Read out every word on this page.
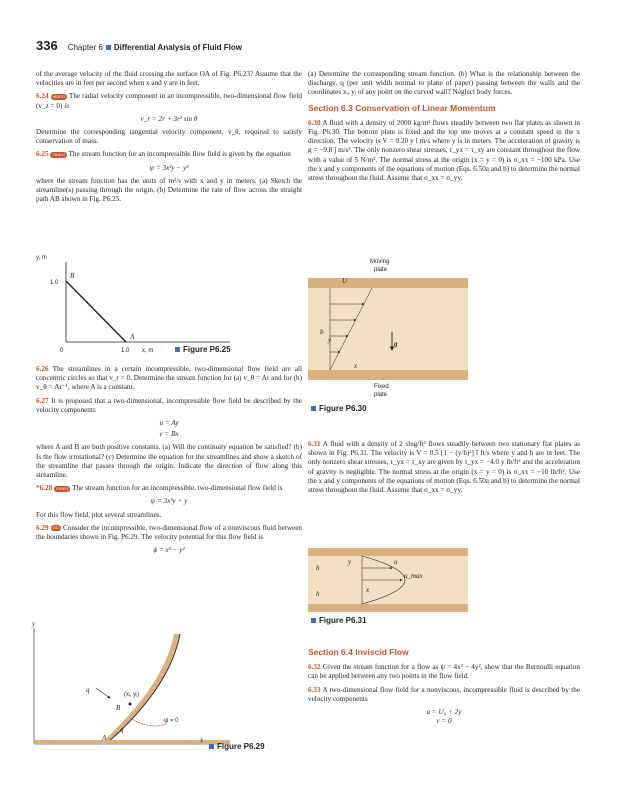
336 Chapter 6 Differential Analysis of Fluid Flow

of the average velocity of the fluid crossing the surface OA of Fig. P6.23? Assume that the velocities are in feet per second when x and y are in feet.

6.24 VIDEO The radial velocity component in an incompressible, two-dimensional flow field (v_z = 0) is

v_r = 2r + 3r² sin θ

Determine the corresponding tangential velocity component, v_θ, required to satisfy conservation of mass.

6.25 VIDEO The stream function for an incompressible flow field is given by the equation

ψ = 3x²y − y³

where the stream function has the units of m²/s with x and y in meters. (a) Sketch the streamline(s) passing through the origin. (b) Determine the rate of flow across the straight path AB shown in Fig. P6.25.

y, m
1.0
B
A
0	1.0 x, m	Figure P6.25

6.26 The streamlines in a certain incompressible, two-dimensional flow field are all concentric circles so that v_r = 0. Determine the stream function for (a) v_θ = Ar and for (b) v_θ = Ar⁻¹, where A is a constant.

6.27 It is proposed that a two-dimensional, incompressible flow field be described by the velocity components

u = Ay
v = Bx

where A and B are both positive constants. (a) Will the continuity equation be satisfied? (b) Is the flow irrotational? (c) Determine the equation for the streamlines and show a sketch of the streamline that passes through the origin. Indicate the direction of flow along this streamline.

*6.28 VIDEO The stream function for an incompressible, two-dimensional flow field is

ψ = 3x²y + y

For this flow field, plot several streamlines.

6.29 GO Consider the incompressible, two-dimensional flow of a nonviscous fluid between the boundaries shown in Fig. P6.29. The velocity potential for this flow field is

ϕ = x² − y²
y
(xᵢ, yᵢ)
B
q
q
ψ = 0
A	x
Figure P6.29

(a) Determine the corresponding stream function. (b) What is the relationship between the discharge, q (per unit width normal to plane of paper) passing between the walls and the coordinates xᵢ, yᵢ of any point on the curved wall? Neglect body forces.

Section 6.3 Conservation of Linear Momentum

6.30 A fluid with a density of 2000 kg/m³ flows steadily between two flat plates as shown in Fig. P6.30. The bottom plate is fixed and the top one moves at a constant speed in the x direction. The velocity is V = 0.20 y î m/s where y is in meters. The acceleration of gravity is g = −9.8 ĵ m/s². The only nonzero shear stresses, τ_yx = τ_xy are constant throughout the flow with a value of 5 N/m². The normal stress at the origin (x = y = 0) is σ_xx = −100 kPa. Use the x and y components of the equations of motion (Eqs. 6.50a and b) to determine the normal stress throughout the fluid. Assume that σ_xx = σ_yy.

Moving
plate
U
b
y
x
g
Fixed
plate
Figure P6.30

6.31 A fluid with a density of 2 slug/ft³ flows steadily between two stationary flat plates as shown in Fig. P6.31. The velocity is V = 0.5 [1 − (y/h)²] î ft/s where y and h are in feet. The only nonzero shear stresses, τ_yx = τ_xy are given by τ_yx = −4.0 y lb/ft² and the acceleration of gravity is negligible. The normal stress at the origin (x = y = 0) is σ_xx = −10 lb/ft². Use the x and y components of the equations of motion (Eqs. 6.50a and b) to determine the normal stress throughout the fluid. Assume that σ_xx = σ_yy.

u
u_max
h
h
y
x
Figure P6.31
Section 6.4 Inviscid Flow

6.32 Given the stream function for a flow as ψ = 4x² − 4y², show that the Bernoulli equation can be applied between any two points in the flow field.

6.33 A two-dimensional flow field for a nonviscous, incompressible fluid is described by the velocity components

u = U₀ + 2y
v = 0
